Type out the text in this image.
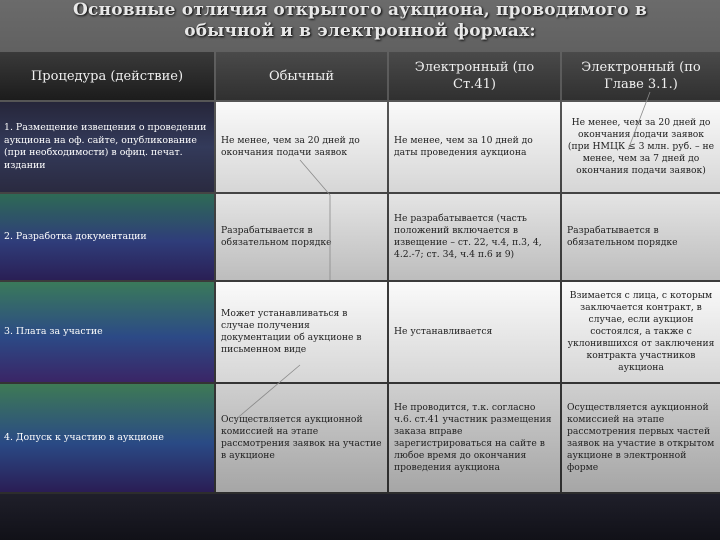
Основные отличия открытого аукциона, проводимого в
обычной и в электронной формах:
Процедура (действие)	Обычный
Электронный (по Ст.41)
Электронный (по Главе 3.1.)
1. Размещение извещения о проведении аукциона на оф. сайте, опубликование (при необходимости) в офиц. печат. издании
Не менее, чем за 20 дней до окончания подачи заявок
Не менее, чем за 10 дней до даты проведения аукциона
Не менее, чем за 20 дней до окончания подачи заявок (при НМЦК ≤ 3 млн. руб. – не менее, чем за 7 дней до окончания подачи заявок)
2. Разработка документации
Разрабатывается в обязательном порядке
Не разрабатывается (часть положений включается в извещение – ст. 22, ч.4, п.3, 4, 4.2.-7; ст. 34, ч.4 п.6 и 9)
Разрабатывается в обязательном порядке
3. Плата за участие
Может устанавливаться в случае получения документации об аукционе в письменном виде
Не устанавливается
Взимается с лица, с которым заключается контракт, в случае, если аукцион состоялся, а также с уклонившихся от заключения контракта участников аукциона
4. Допуск к участию в аукционе
Осуществляется аукционной комиссией на этапе рассмотрения заявок на участие в аукционе
Не проводится, т.к. согласно ч.6. ст.41 участник размещения заказа вправе зарегистрироваться на сайте в любое время до окончания проведения аукциона
Осуществляется аукционной комиссией на этапе рассмотрения первых частей заявок на участие в открытом аукционе в электронной форме
